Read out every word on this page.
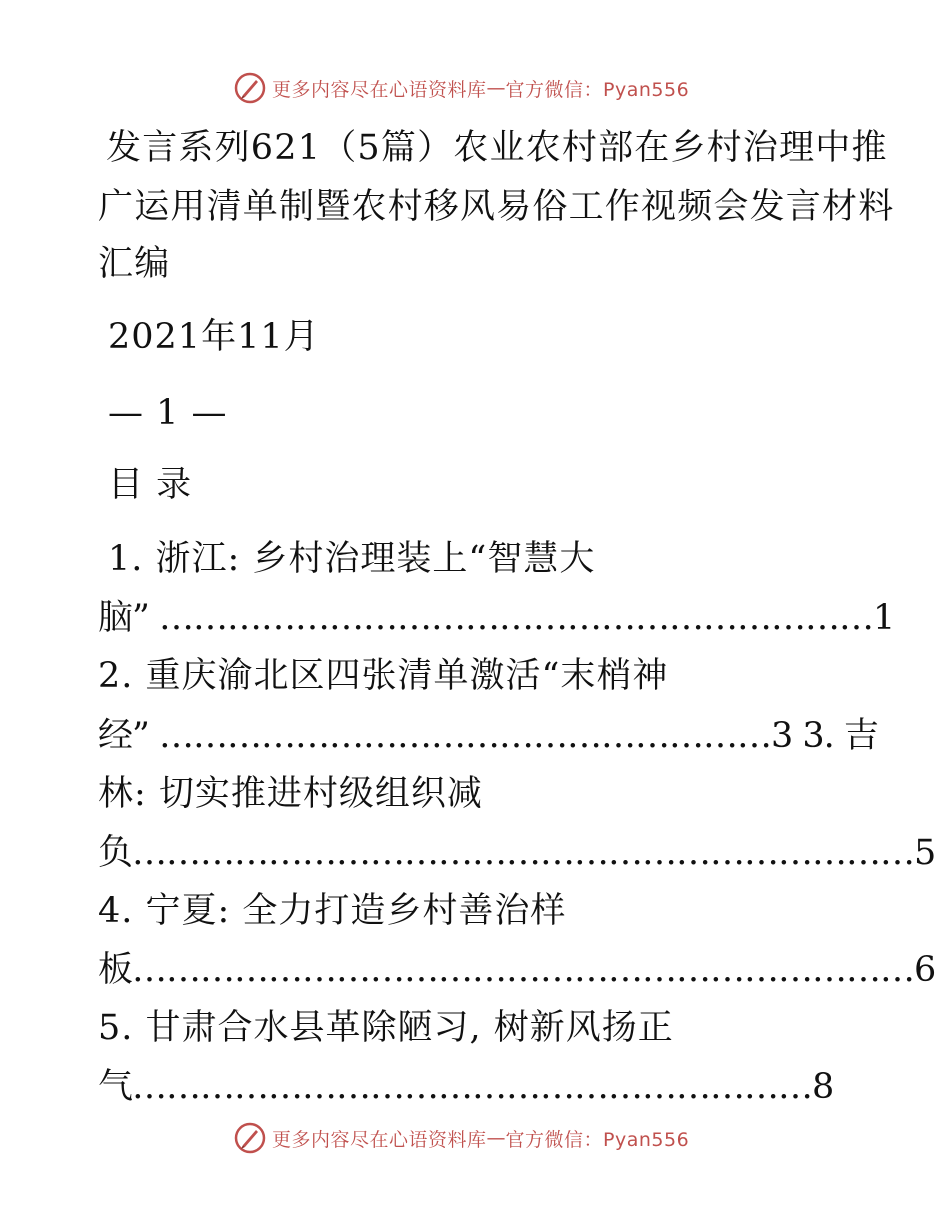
更多内容尽在心语资料库 — 官方微信：Pyan556
发言系列621（5篇）农业农村部在乡村治理中推
广运用清单制暨农村移风易俗工作视频会发言材料
汇编
2021年11月
— 1 —
目 录
1. 浙江: 乡村治理装上“智慧大
脑” ………………………………………………………1
2. 重庆渝北区四张清单激活“末梢神
经” ………………………………………………3 3. 吉
林: 切实推进村级组织减
负……………………………………………………………5
4. 宁夏: 全力打造乡村善治样
板……………………………………………………………6
5. 甘肃合水县革除陋习, 树新风扬正
气……………………………………………………8
更多内容尽在心语资料库 — 官方微信：Pyan556
